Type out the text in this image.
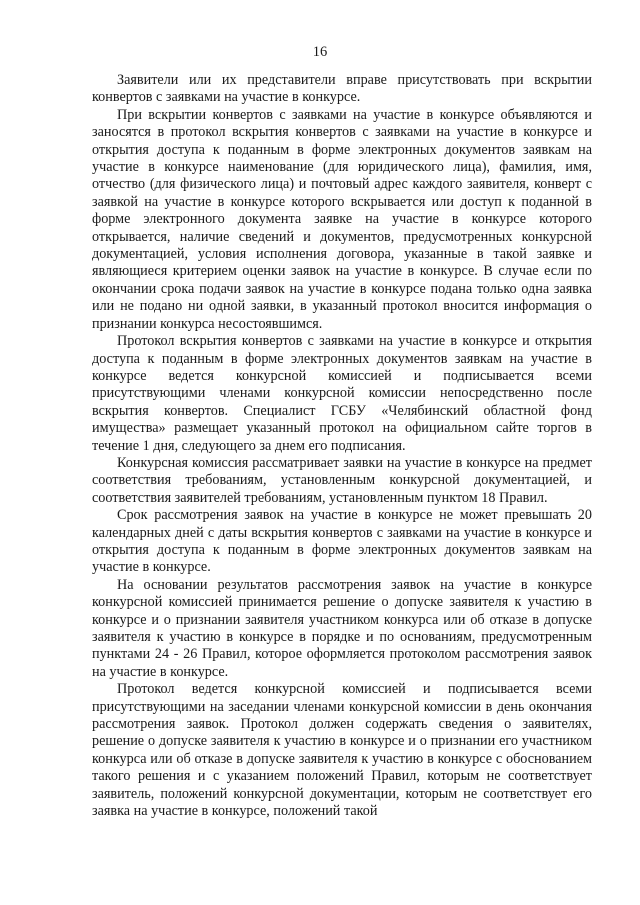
16

Заявители или их представители вправе присутствовать при вскрытии конвертов с заявками на участие в конкурсе.

При вскрытии конвертов с заявками на участие в конкурсе объявляются и заносятся в протокол вскрытия конвертов с заявками на участие в конкурсе и открытия доступа к поданным в форме электронных документов заявкам на участие в конкурсе наименование (для юридического лица), фамилия, имя, отчество (для физического лица) и почтовый адрес каждого заявителя, конверт с заявкой на участие в конкурсе которого вскрывается или доступ к поданной в форме электронного документа заявке на участие в конкурсе которого открывается, наличие сведений и документов, предусмотренных конкурсной документацией, условия исполнения договора, указанные в такой заявке и являющиеся критерием оценки заявок на участие в конкурсе. В случае если по окончании срока подачи заявок на участие в конкурсе подана только одна заявка или не подано ни одной заявки, в указанный протокол вносится информация о признании конкурса несостоявшимся.

Протокол вскрытия конвертов с заявками на участие в конкурсе и открытия доступа к поданным в форме электронных документов заявкам на участие в конкурсе ведется конкурсной комиссией и подписывается всеми присутствующими членами конкурсной комиссии непосредственно после вскрытия конвертов. Специалист ГСБУ «Челябинский областной фонд имущества» размещает указанный протокол на официальном сайте торгов в течение 1 дня, следующего за днем его подписания.

Конкурсная комиссия рассматривает заявки на участие в конкурсе на предмет соответствия требованиям, установленным конкурсной документацией, и соответствия заявителей требованиям, установленным пунктом 18 Правил.

Срок рассмотрения заявок на участие в конкурсе не может превышать 20 календарных дней с даты вскрытия конвертов с заявками на участие в конкурсе и открытия доступа к поданным в форме электронных документов заявкам на участие в конкурсе.

На основании результатов рассмотрения заявок на участие в конкурсе конкурсной комиссией принимается решение о допуске заявителя к участию в конкурсе и о признании заявителя участником конкурса или об отказе в допуске заявителя к участию в конкурсе в порядке и по основаниям, предусмотренным пунктами 24 - 26 Правил, которое оформляется протоколом рассмотрения заявок на участие в конкурсе.

Протокол ведется конкурсной комиссией и подписывается всеми присутствующими на заседании членами конкурсной комиссии в день окончания рассмотрения заявок. Протокол должен содержать сведения о заявителях, решение о допуске заявителя к участию в конкурсе и о признании его участником конкурса или об отказе в допуске заявителя к участию в конкурсе с обоснованием такого решения и с указанием положений Правил, которым не соответствует заявитель, положений конкурсной документации, которым не соответствует его заявка на участие в конкурсе, положений такой
